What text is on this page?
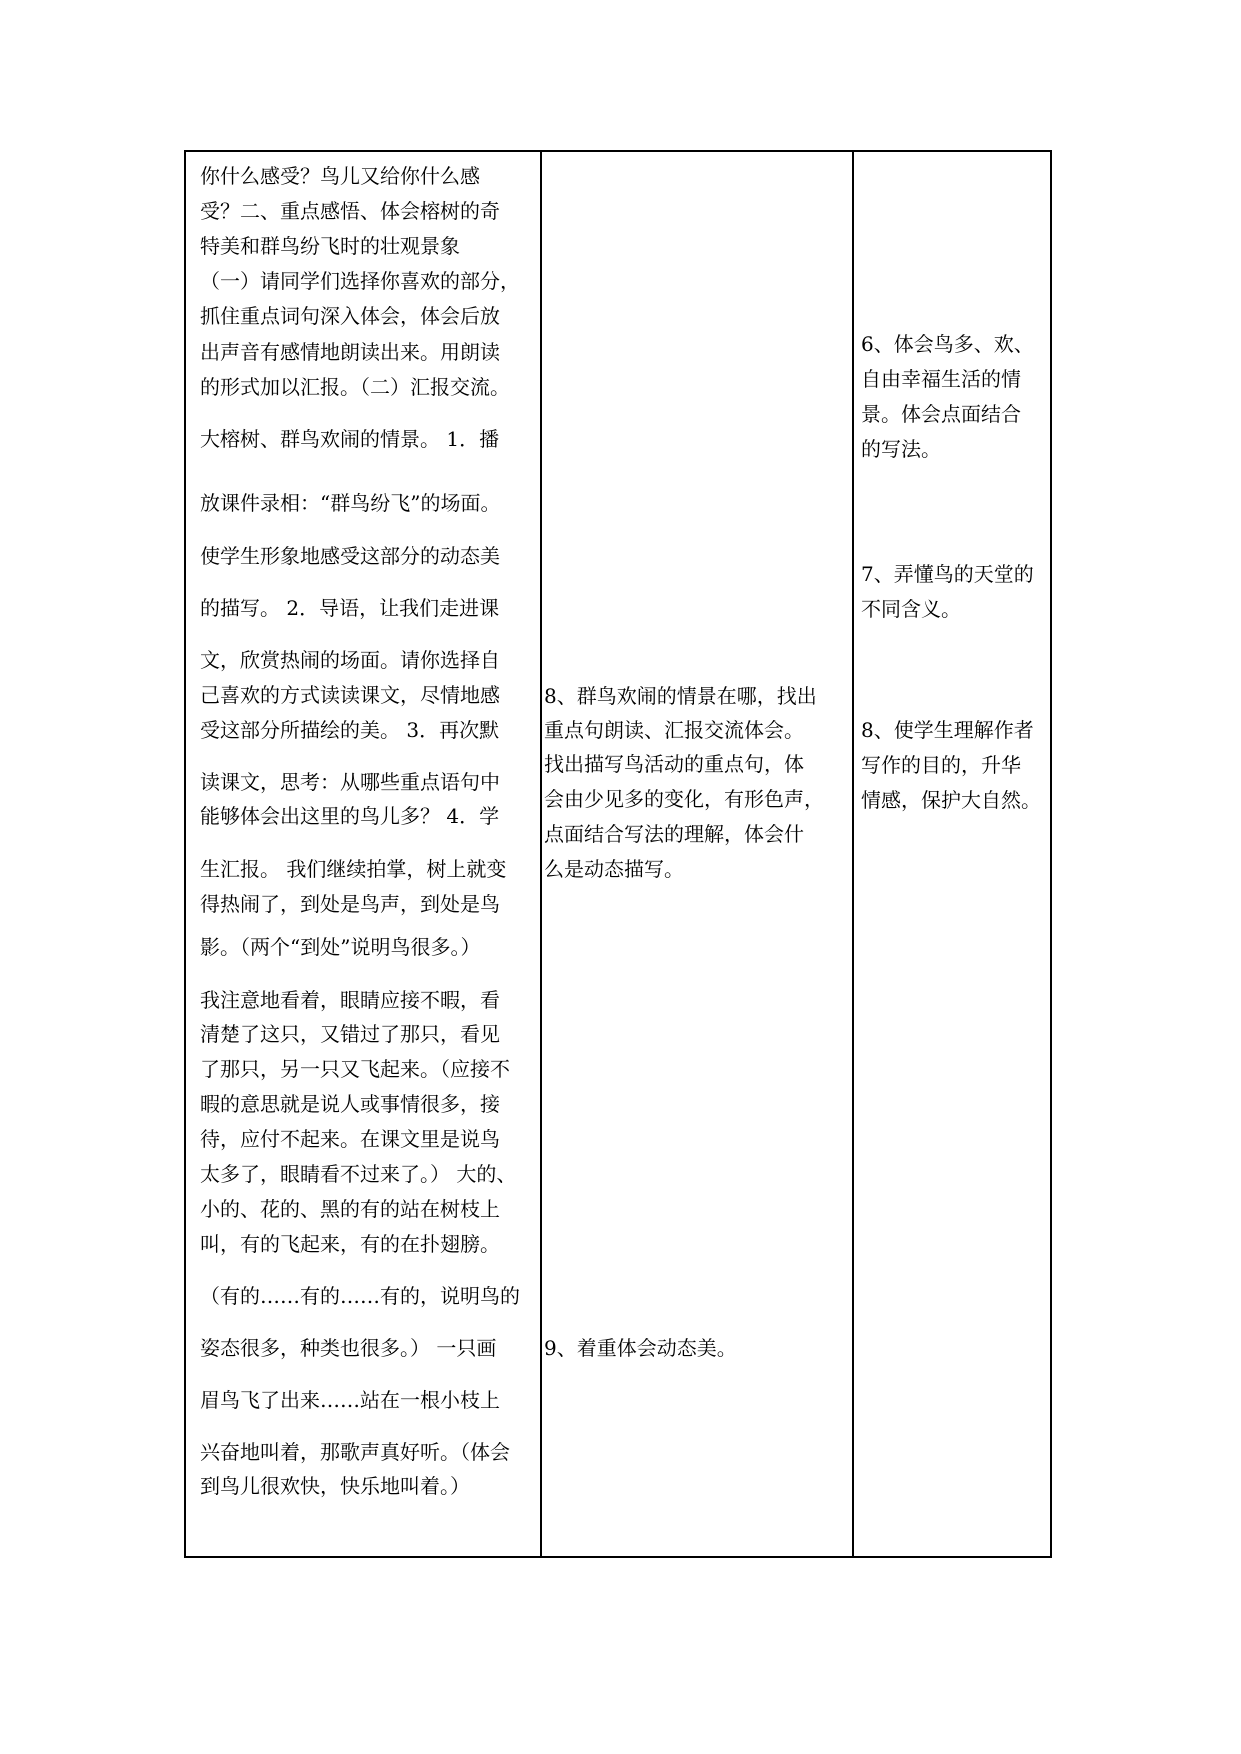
你什么感受？鸟儿又给你什么感
受？二、重点感悟、体会榕树的奇
特美和群鸟纷飞时的壮观景象
（一）请同学们选择你喜欢的部分，
抓住重点词句深入体会，体会后放
出声音有感情地朗读出来。用朗读
的形式加以汇报。（二）汇报交流。
大榕树、群鸟欢闹的情景。 1．播
放课件录相：“群鸟纷飞”的场面。
使学生形象地感受这部分的动态美
的描写。 2．导语，让我们走进课
文，欣赏热闹的场面。请你选择自
己喜欢的方式读读课文，尽情地感
受这部分所描绘的美。 3．再次默
读课文，思考：从哪些重点语句中
能够体会出这里的鸟儿多？ 4．学
生汇报。 我们继续拍掌，树上就变
得热闹了，到处是鸟声，到处是鸟
影。（两个“到处”说明鸟很多。）
我注意地看着，眼睛应接不暇，看
清楚了这只，又错过了那只，看见
了那只，另一只又飞起来。（应接不
暇的意思就是说人或事情很多，接
待，应付不起来。在课文里是说鸟
太多了，眼睛看不过来了。） 大的、
小的、花的、黑的有的站在树枝上
叫，有的飞起来，有的在扑翅膀。
（有的……有的……有的，说明鸟的
姿态很多，种类也很多。） 一只画
眉鸟飞了出来……站在一根小枝上
兴奋地叫着，那歌声真好听。（体会
到鸟儿很欢快，快乐地叫着。）
8、群鸟欢闹的情景在哪，找出
重点句朗读、汇报交流体会。
找出描写鸟活动的重点句，体
会由少见多的变化，有形色声，
点面结合写法的理解，体会什
么是动态描写。
9、着重体会动态美。
6、体会鸟多、欢、
自由幸福生活的情
景。体会点面结合
的写法。
7、弄懂鸟的天堂的
不同含义。
8、使学生理解作者
写作的目的，升华
情感，保护大自然。
